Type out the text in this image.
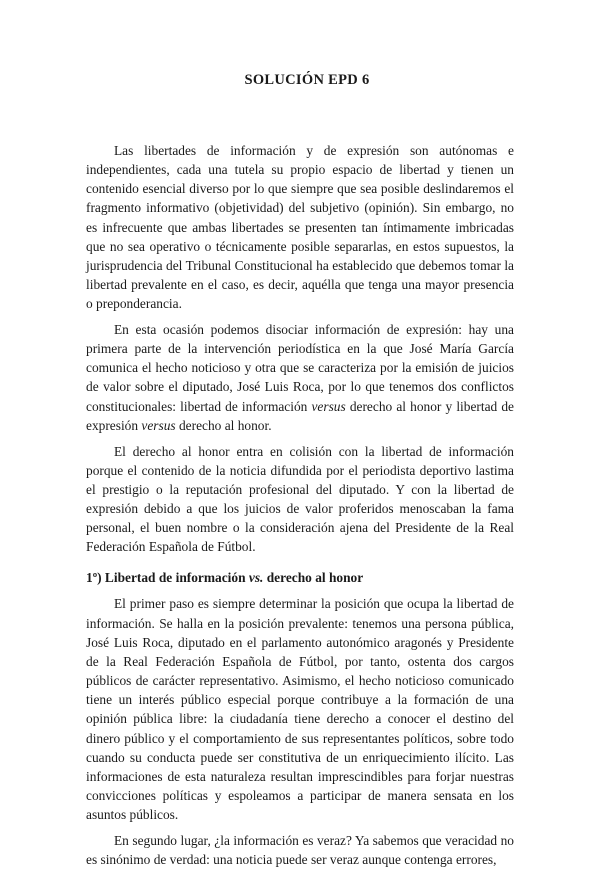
SOLUCIÓN EPD 6

Las libertades de información y de expresión son autónomas e independientes, cada una tutela su propio espacio de libertad y tienen un contenido esencial diverso por lo que siempre que sea posible deslindaremos el fragmento informativo (objetividad) del subjetivo (opinión). Sin embargo, no es infrecuente que ambas libertades se presenten tan íntimamente imbricadas que no sea operativo o técnicamente posible separarlas, en estos supuestos, la jurisprudencia del Tribunal Constitucional ha establecido que debemos tomar la libertad prevalente en el caso, es decir, aquélla que tenga una mayor presencia o preponderancia.

En esta ocasión podemos disociar información de expresión: hay una primera parte de la intervención periodística en la que José María García comunica el hecho noticioso y otra que se caracteriza por la emisión de juicios de valor sobre el diputado, José Luis Roca, por lo que tenemos dos conflictos constitucionales: libertad de información versus derecho al honor y libertad de expresión versus derecho al honor.

El derecho al honor entra en colisión con la libertad de información porque el contenido de la noticia difundida por el periodista deportivo lastima el prestigio o la reputación profesional del diputado. Y con la libertad de expresión debido a que los juicios de valor proferidos menoscaban la fama personal, el buen nombre o la consideración ajena del Presidente de la Real Federación Española de Fútbol.

1º) Libertad de información vs. derecho al honor

El primer paso es siempre determinar la posición que ocupa la libertad de información. Se halla en la posición prevalente: tenemos una persona pública, José Luis Roca, diputado en el parlamento autonómico aragonés y Presidente de la Real Federación Española de Fútbol, por tanto, ostenta dos cargos públicos de carácter representativo. Asimismo, el hecho noticioso comunicado tiene un interés público especial porque contribuye a la formación de una opinión pública libre: la ciudadanía tiene derecho a conocer el destino del dinero público y el comportamiento de sus representantes políticos, sobre todo cuando su conducta puede ser constitutiva de un enriquecimiento ilícito. Las informaciones de esta naturaleza resultan imprescindibles para forjar nuestras convicciones políticas y espoleamos a participar de manera sensata en los asuntos públicos.

En segundo lugar, ¿la información es veraz? Ya sabemos que veracidad no es sinónimo de verdad: una noticia puede ser veraz aunque contenga errores,
